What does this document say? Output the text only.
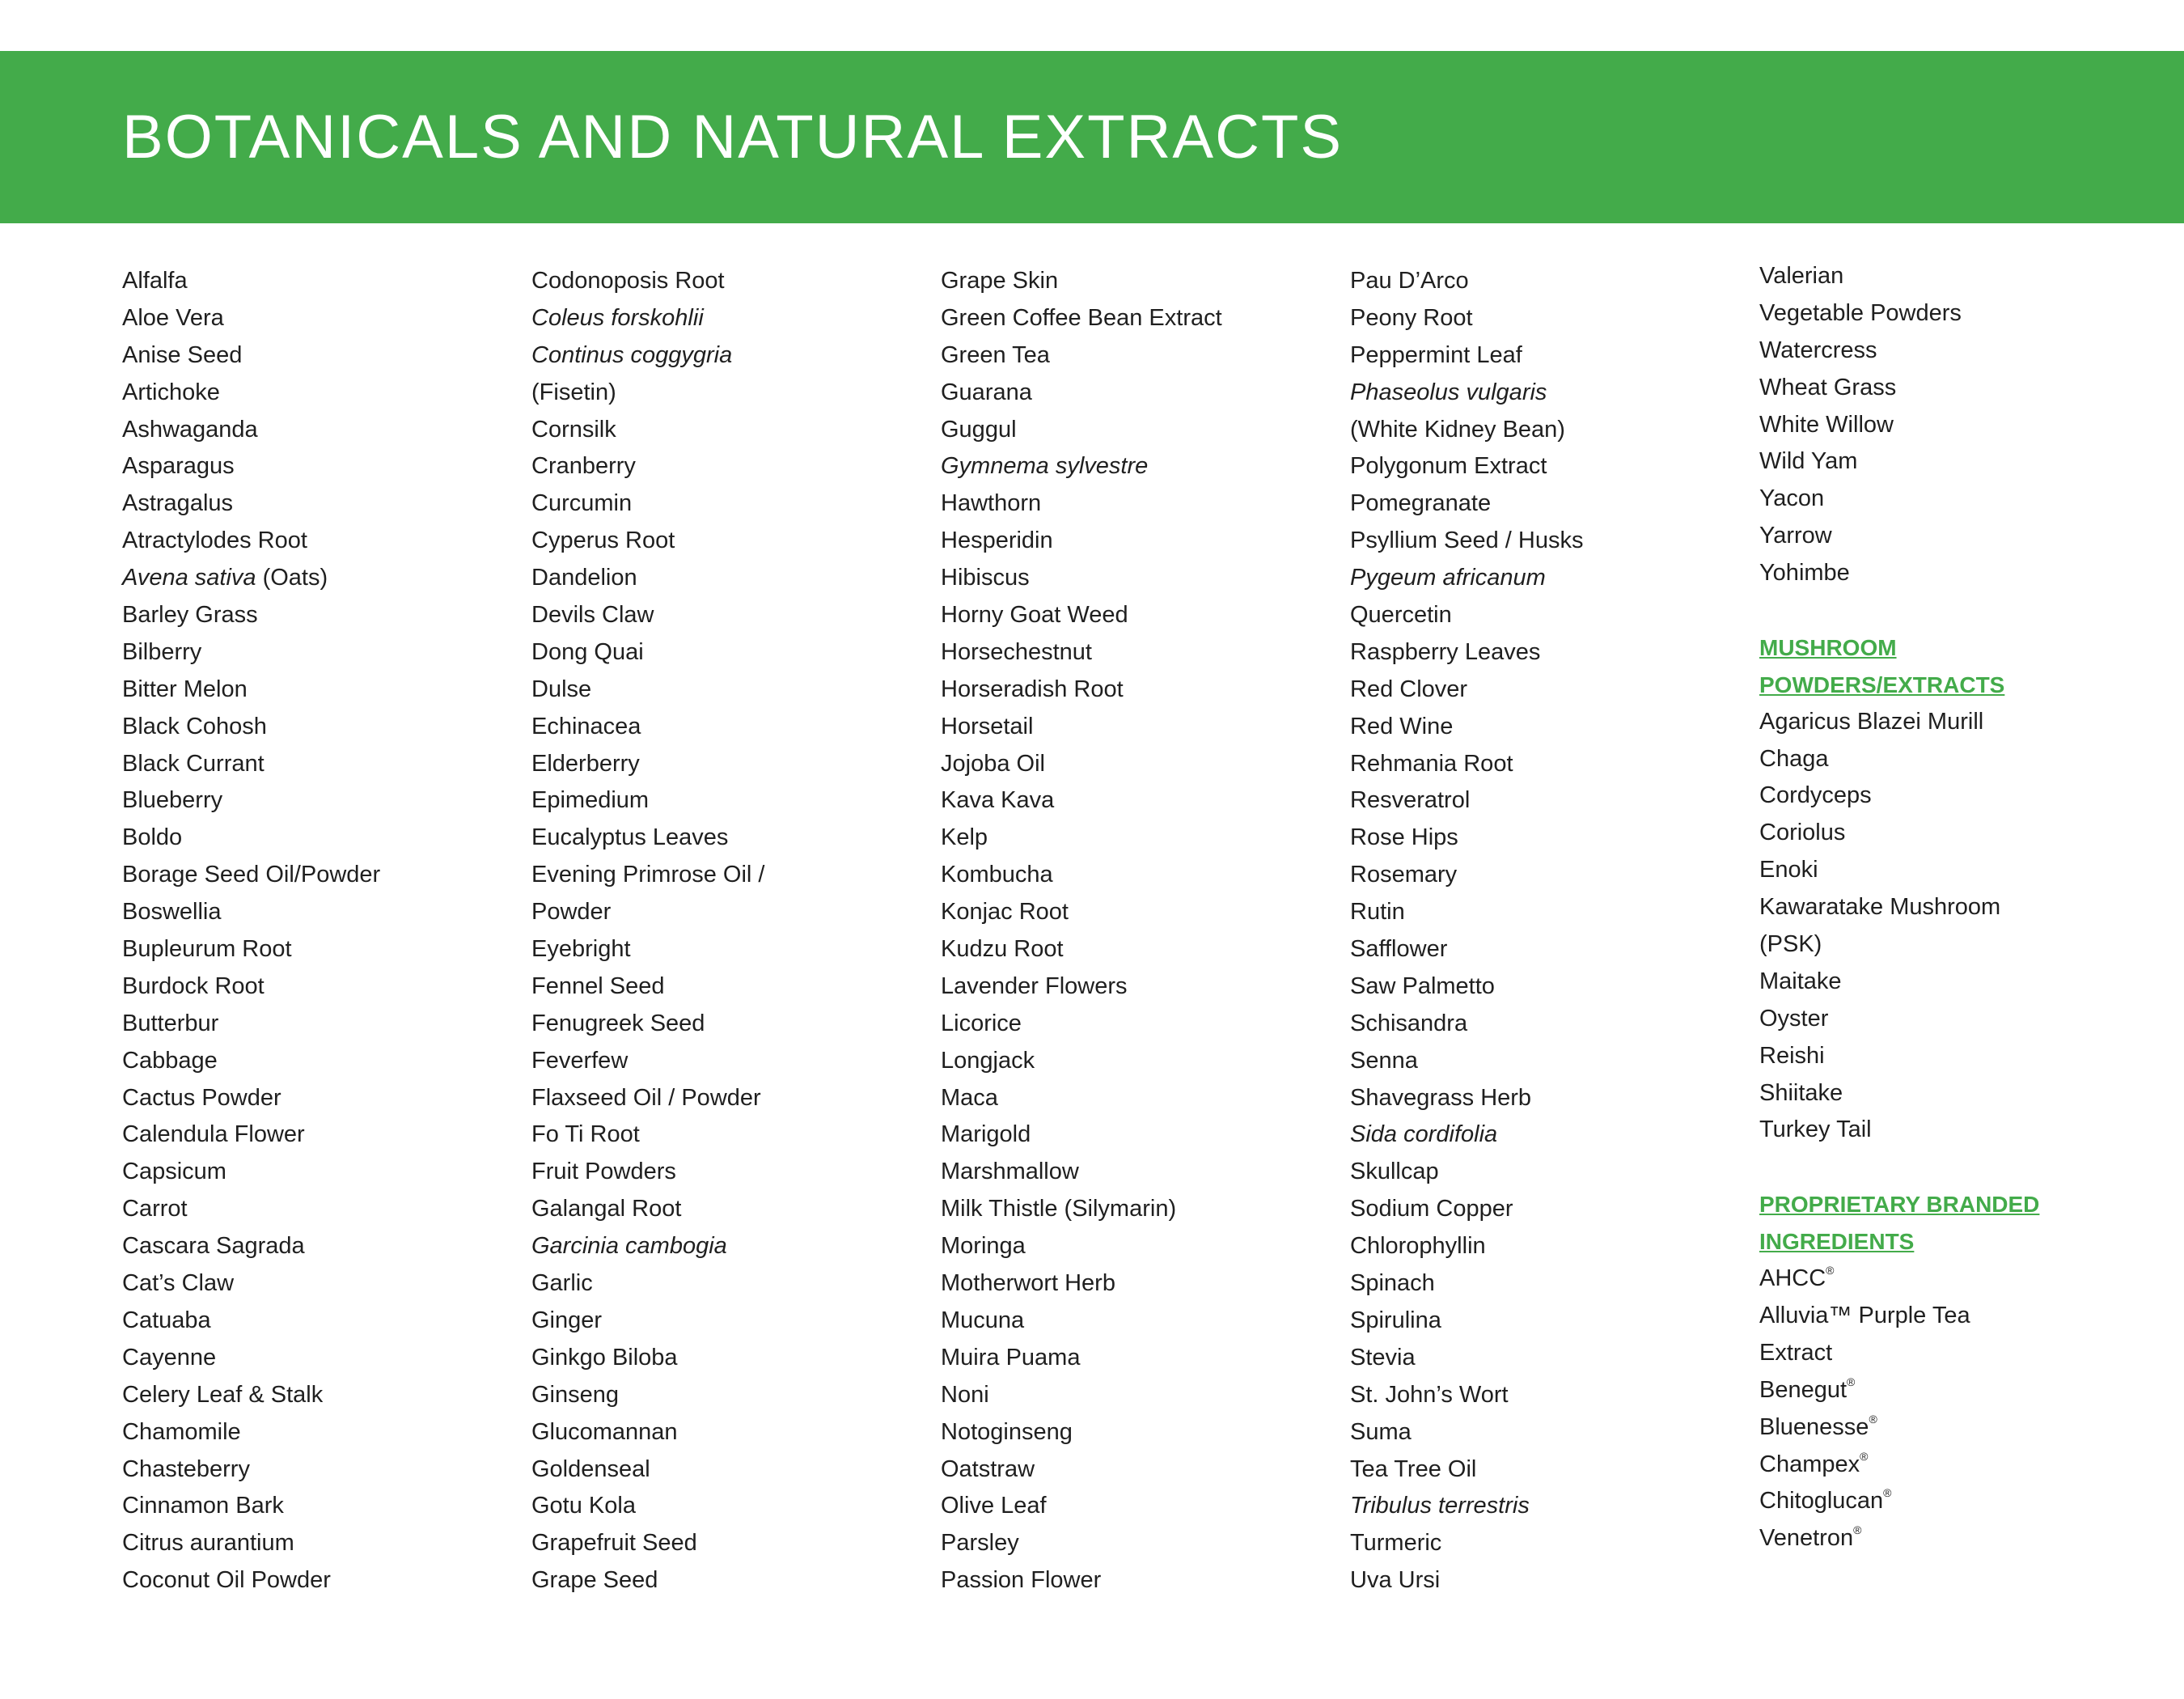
BOTANICALS AND NATURAL EXTRACTS
Alfalfa
Aloe Vera
Anise Seed
Artichoke
Ashwaganda
Asparagus
Astragalus
Atractylodes Root
Avena sativa (Oats)
Barley Grass
Bilberry
Bitter Melon
Black Cohosh
Black Currant
Blueberry
Boldo
Borage Seed Oil/Powder
Boswellia
Bupleurum Root
Burdock Root
Butterbur
Cabbage
Cactus Powder
Calendula Flower
Capsicum
Carrot
Cascara Sagrada
Cat’s Claw
Catuaba
Cayenne
Celery Leaf & Stalk
Chamomile
Chasteberry
Cinnamon Bark
Citrus aurantium
Coconut Oil Powder
Codonoposis Root
Coleus forskohlii
Continus coggygria
(Fisetin)
Cornsilk
Cranberry
Curcumin
Cyperus Root
Dandelion
Devils Claw
Dong Quai
Dulse
Echinacea
Elderberry
Epimedium
Eucalyptus Leaves
Evening Primrose Oil /
Powder
Eyebright
Fennel Seed
Fenugreek Seed
Feverfew
Flaxseed Oil / Powder
Fo Ti Root
Fruit Powders
Galangal Root
Garcinia cambogia
Garlic
Ginger
Ginkgo Biloba
Ginseng
Glucomannan
Goldenseal
Gotu Kola
Grapefruit Seed
Grape Seed
Grape Skin
Green Coffee Bean Extract
Green Tea
Guarana
Guggul
Gymnema sylvestre
Hawthorn
Hesperidin
Hibiscus
Horny Goat Weed
Horsechestnut
Horseradish Root
Horsetail
Jojoba Oil
Kava Kava
Kelp
Kombucha
Konjac Root
Kudzu Root
Lavender Flowers
Licorice
Longjack
Maca
Marigold
Marshmallow
Milk Thistle (Silymarin)
Moringa
Motherwort Herb
Mucuna
Muira Puama
Noni
Notoginseng
Oatstraw
Olive Leaf
Parsley
Passion Flower
Pau D’Arco
Peony Root
Peppermint Leaf
Phaseolus vulgaris
(White Kidney Bean)
Polygonum Extract
Pomegranate
Psyllium Seed / Husks
Pygeum africanum
Quercetin
Raspberry Leaves
Red Clover
Red Wine
Rehmania Root
Resveratrol
Rose Hips
Rosemary
Rutin
Safflower
Saw Palmetto
Schisandra
Senna
Shavegrass Herb
Sida cordifolia
Skullcap
Sodium Copper
Chlorophyllin
Spinach
Spirulina
Stevia
St. John’s Wort
Suma
Tea Tree Oil
Tribulus terrestris
Turmeric
Uva Ursi
Valerian
Vegetable Powders
Watercress
Wheat Grass
White Willow
Wild Yam
Yacon
Yarrow
Yohimbe
MUSHROOM
POWDERS/EXTRACTS
Agaricus Blazei Murill
Chaga
Cordyceps
Coriolus
Enoki
Kawaratake Mushroom
(PSK)
Maitake
Oyster
Reishi
Shiitake
Turkey Tail
PROPRIETARY BRANDED
INGREDIENTS
AHCC®
Alluvia™ Purple Tea
Extract
Benegut®
Bluenesse®
Champex®
Chitoglucan®
Venetron®
